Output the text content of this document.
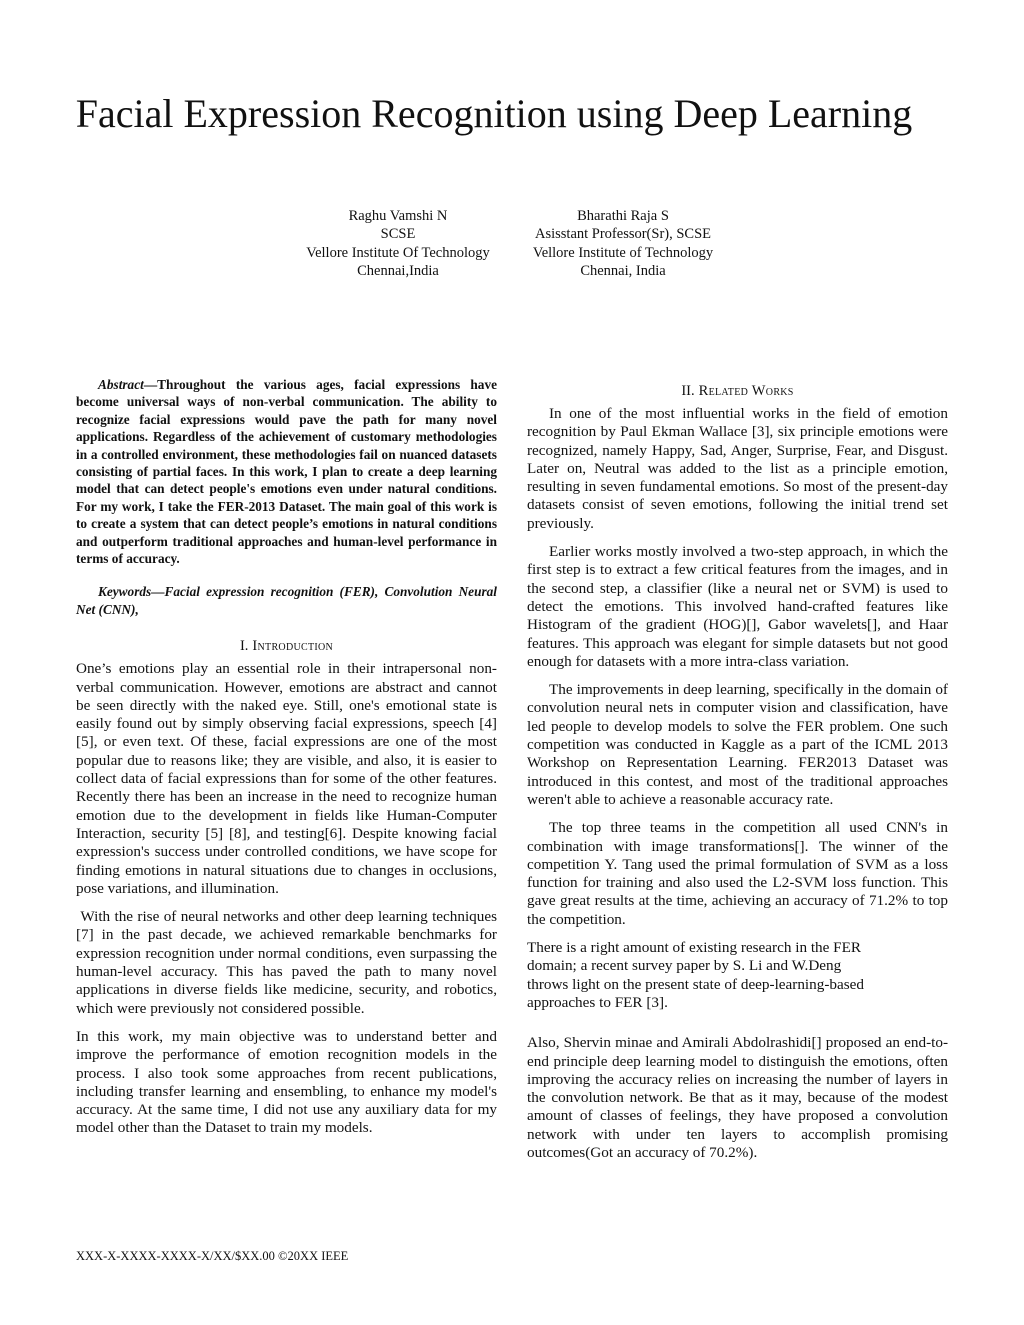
Facial Expression Recognition using Deep Learning
Raghu Vamshi N
SCSE
Vellore Institute Of Technology
Chennai,India
Bharathi Raja S
Asisstant Professor(Sr), SCSE
Vellore Institute of Technology
Chennai, India

Abstract—Throughout the various ages, facial expressions have become universal ways of non-verbal communication. The ability to recognize facial expressions would pave the path for many novel applications. Regardless of the achievement of customary methodologies in a controlled environment, these methodologies fail on nuanced datasets consisting of partial faces. In this work, I plan to create a deep learning model that can detect people's emotions even under natural conditions. For my work, I take the FER-2013 Dataset. The main goal of this work is to create a system that can detect people’s emotions in natural conditions and outperform traditional approaches and human-level performance in terms of accuracy.

Keywords—Facial expression recognition (FER), Convolution Neural Net (CNN),

I. Introduction

One’s emotions play an essential role in their intrapersonal non-verbal communication. However, emotions are abstract and cannot be seen directly with the naked eye. Still, one's emotional state is easily found out by simply observing facial expressions, speech [4] [5], or even text. Of these, facial expressions are one of the most popular due to reasons like; they are visible, and also, it is easier to collect data of facial expressions than for some of the other features. Recently there has been an increase in the need to recognize human emotion due to the development in fields like Human-Computer Interaction, security [5] [8], and testing[6]. Despite knowing facial expression's success under controlled conditions, we have scope for finding emotions in natural situations due to changes in occlusions, pose variations, and illumination.

With the rise of neural networks and other deep learning techniques [7] in the past decade, we achieved remarkable benchmarks for expression recognition under normal conditions, even surpassing the human-level accuracy. This has paved the path to many novel applications in diverse fields like medicine, security, and robotics, which were previously not considered possible.

In this work, my main objective was to understand better and improve the performance of emotion recognition models in the process. I also took some approaches from recent publications, including transfer learning and ensembling, to enhance my model's accuracy. At the same time, I did not use any auxiliary data for my model other than the Dataset to train my models.

II. Related Works

In one of the most influential works in the field of emotion recognition by Paul Ekman Wallace [3], six principle emotions were recognized, namely Happy, Sad, Anger, Surprise, Fear, and Disgust. Later on, Neutral was added to the list as a principle emotion, resulting in seven fundamental emotions. So most of the present-day datasets consist of seven emotions, following the initial trend set previously.

Earlier works mostly involved a two-step approach, in which the first step is to extract a few critical features from the images, and in the second step, a classifier (like a neural net or SVM) is used to detect the emotions. This involved hand-crafted features like Histogram of the gradient (HOG)[], Gabor wavelets[], and Haar features. This approach was elegant for simple datasets but not good enough for datasets with a more intra-class variation.

The improvements in deep learning, specifically in the domain of convolution neural nets in computer vision and classification, have led people to develop models to solve the FER problem. One such competition was conducted in Kaggle as a part of the ICML 2013 Workshop on Representation Learning. FER2013 Dataset was introduced in this contest, and most of the traditional approaches weren't able to achieve a reasonable accuracy rate.

The top three teams in the competition all used CNN's in combination with image transformations[]. The winner of the competition Y. Tang used the primal formulation of SVM as a loss function for training and also used the L2-SVM loss function. This gave great results at the time, achieving an accuracy of 71.2% to top the competition.

There is a right amount of existing research in the FER domain; a recent survey paper by S. Li and W.Deng throws light on the present state of deep-learning-based approaches to FER [3].

Also, Shervin minae and Amirali Abdolrashidi[] proposed an end-to-end principle deep learning model to distinguish the emotions, often improving the accuracy relies on increasing the number of layers in the convolution network. Be that as it may, because of the modest amount of classes of feelings, they have proposed a convolution network with under ten layers to accomplish promising outcomes(Got an accuracy of 70.2%).

XXX-X-XXXX-XXXX-X/XX/$XX.00 ©20XX IEEE
